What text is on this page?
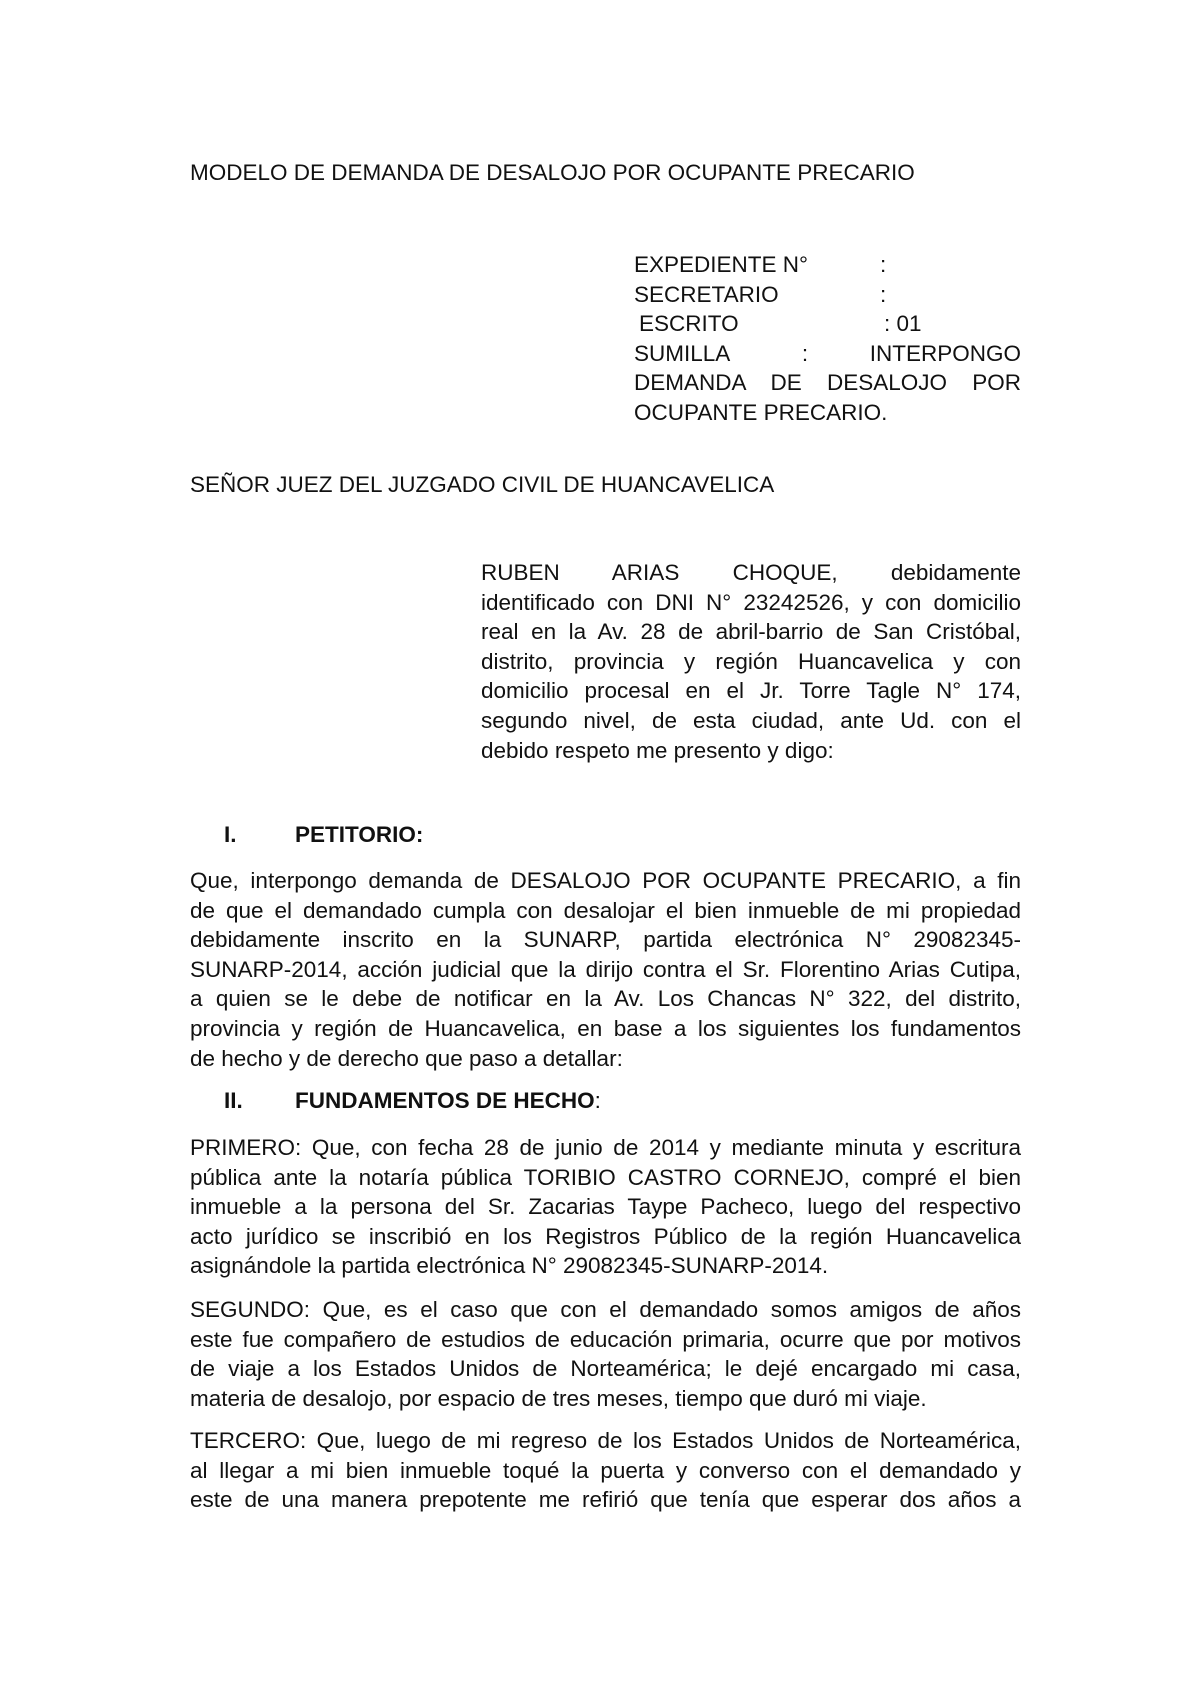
MODELO DE DEMANDA DE DESALOJO POR OCUPANTE PRECARIO
EXPEDIENTE N°	:
SECRETARIO	:
ESCRITO	: 01
SUMILLA	:	INTERPONGO
DEMANDA DE DESALOJO POR
OCUPANTE PRECARIO.
SEÑOR JUEZ DEL JUZGADO CIVIL DE HUANCAVELICA
RUBEN ARIAS CHOQUE, debidamente
identificado con DNI N° 23242526, y con domicilio
real en la Av. 28 de abril-barrio de San Cristóbal,
distrito, provincia y región Huancavelica y con
domicilio procesal en el Jr. Torre Tagle N° 174,
segundo nivel, de esta ciudad, ante Ud. con el
debido respeto me presento y digo:
I.	PETITORIO:
Que, interpongo demanda de DESALOJO POR OCUPANTE PRECARIO, a fin
de que el demandado cumpla con desalojar el bien inmueble de mi propiedad
debidamente inscrito en la SUNARP, partida electrónica N° 29082345-
SUNARP-2014, acción judicial que la dirijo contra el Sr. Florentino Arias Cutipa,
a quien se le debe de notificar en la Av. Los Chancas N° 322, del distrito,
provincia y región de Huancavelica, en base a los siguientes los fundamentos
de hecho y de derecho que paso a detallar:
II. FUNDAMENTOS DE HECHO:
PRIMERO: Que, con fecha 28 de junio de 2014 y mediante minuta y escritura
pública ante la notaría pública TORIBIO CASTRO CORNEJO, compré el bien
inmueble a la persona del Sr. Zacarias Taype Pacheco, luego del respectivo
acto jurídico se inscribió en los Registros Público de la región Huancavelica
asignándole la partida electrónica N° 29082345-SUNARP-2014.
SEGUNDO: Que, es el caso que con el demandado somos amigos de años
este fue compañero de estudios de educación primaria, ocurre que por motivos
de viaje a los Estados Unidos de Norteamérica; le dejé encargado mi casa,
materia de desalojo, por espacio de tres meses, tiempo que duró mi viaje.
TERCERO: Que, luego de mi regreso de los Estados Unidos de Norteamérica,
al llegar a mi bien inmueble toqué la puerta y converso con el demandado y
este de una manera prepotente me refirió que tenía que esperar dos años a
